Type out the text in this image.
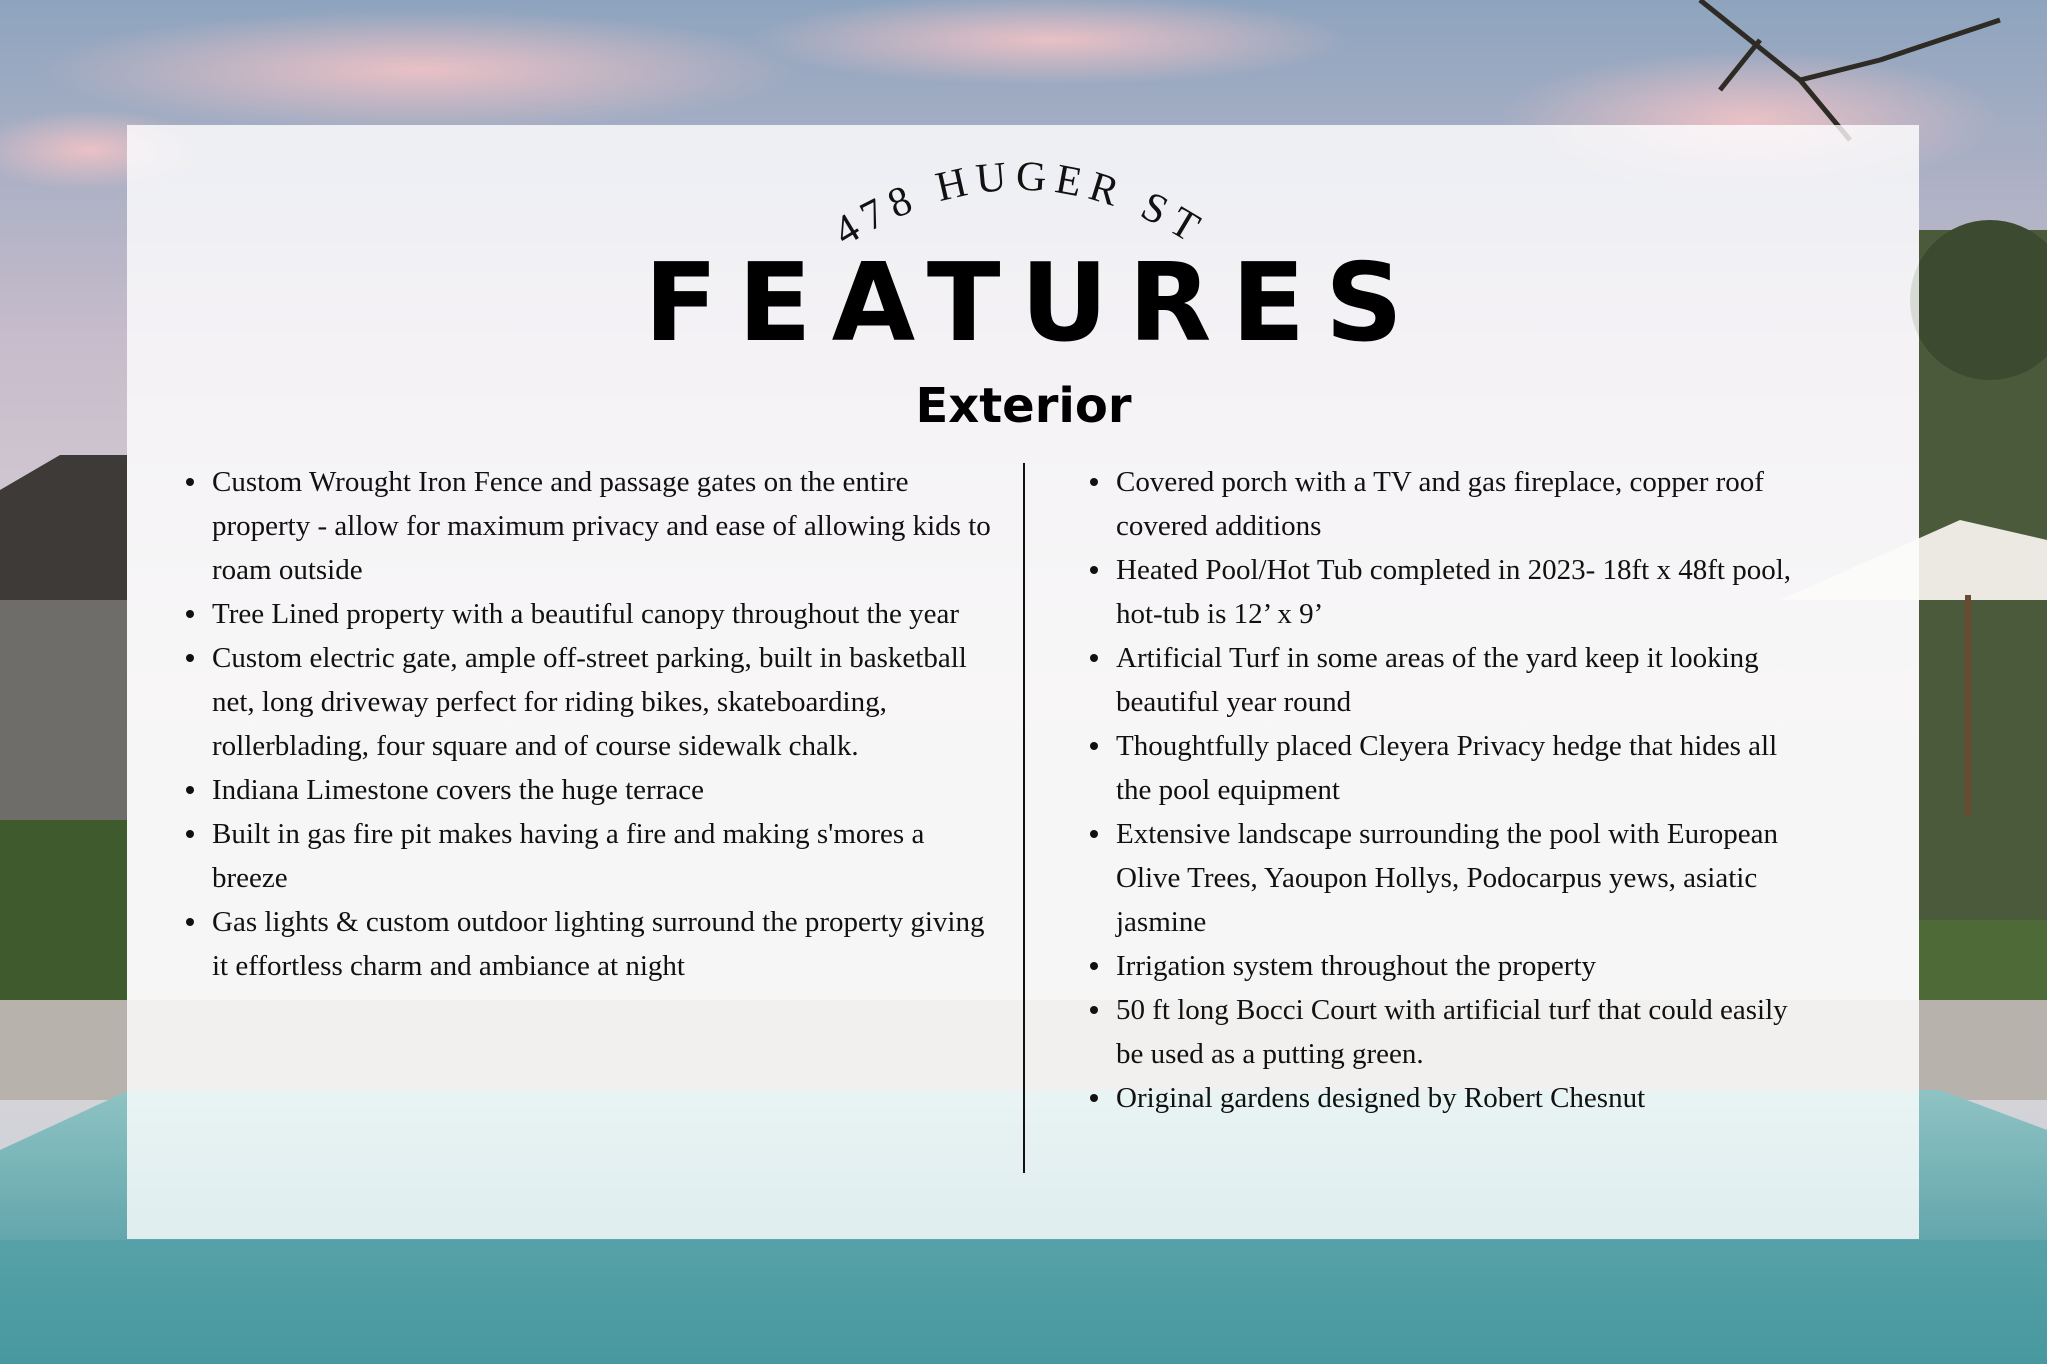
478 HUGER ST
FEATURES
Exterior
Custom Wrought Iron Fence and passage gates on the entire property - allow for maximum privacy and ease of allowing kids to roam outside
Tree Lined property with a beautiful canopy throughout the year
Custom electric gate, ample off-street parking, built in basketball net, long driveway perfect for riding bikes, skateboarding, rollerblading, four square and of course sidewalk chalk.
Indiana Limestone covers the huge terrace
Built in gas fire pit makes having a fire and making s'mores a breeze
Gas lights & custom outdoor lighting surround the property giving it effortless charm and ambiance at night
Covered porch with a TV and gas fireplace, copper roof covered additions
Heated Pool/Hot Tub completed in 2023- 18ft x 48ft pool, hot-tub is 12’ x 9’
Artificial Turf in some areas of the yard keep it looking beautiful year round
Thoughtfully placed Cleyera Privacy hedge that hides all the pool equipment
Extensive landscape surrounding the pool with European Olive Trees, Yaoupon Hollys, Podocarpus yews, asiatic jasmine
Irrigation system throughout the property
50 ft long Bocci Court with artificial turf that could easily be used as a putting green.
Original gardens designed by Robert Chesnut
